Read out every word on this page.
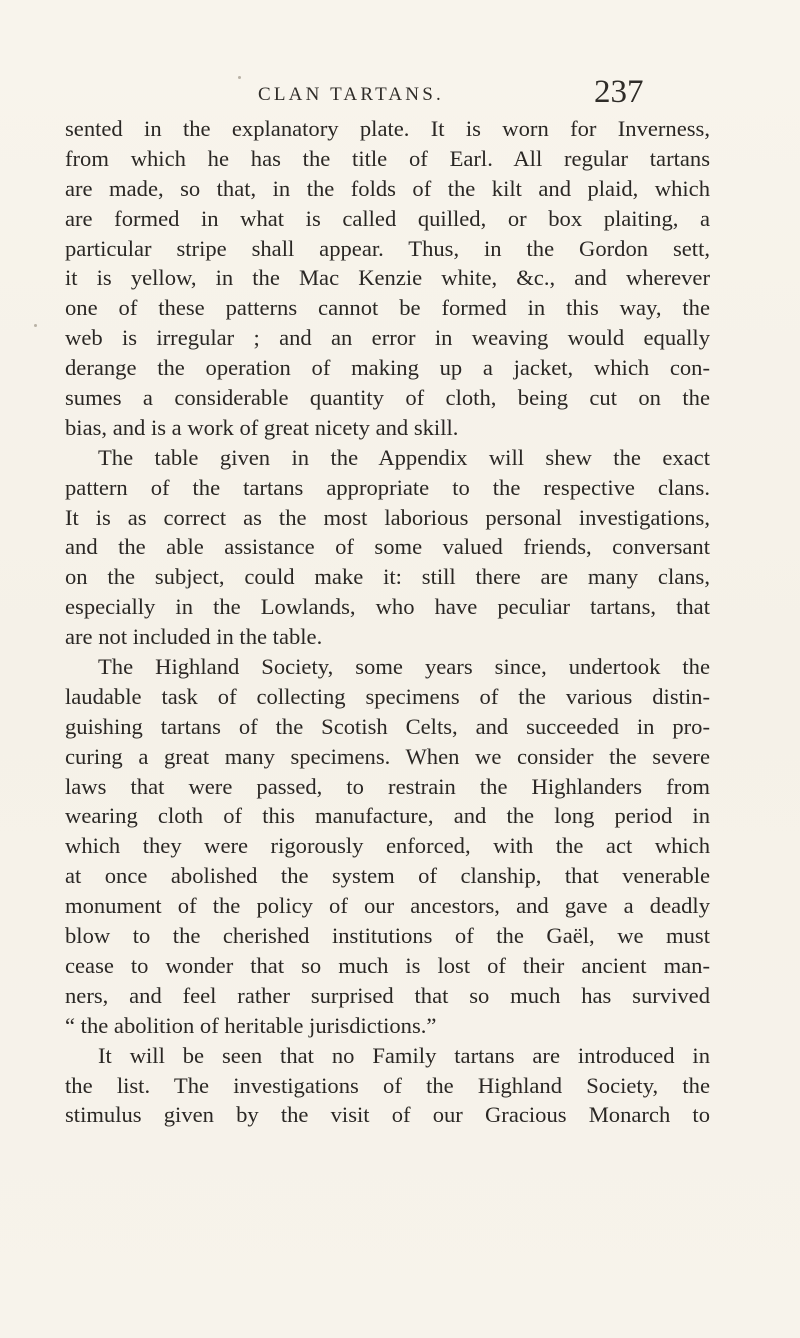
CLAN TARTANS.	237
sented in the explanatory plate. It is worn for Inverness,
from which he has the title of Earl. All regular tartans
are made, so that, in the folds of the kilt and plaid, which
are formed in what is called quilled, or box plaiting, a
particular stripe shall appear. Thus, in the Gordon sett,
it is yellow, in the Mac Kenzie white, &c., and wherever
one of these patterns cannot be formed in this way, the
web is irregular ; and an error in weaving would equally
derange the operation of making up a jacket, which con-
sumes a considerable quantity of cloth, being cut on the
bias, and is a work of great nicety and skill.
The table given in the Appendix will shew the exact
pattern of the tartans appropriate to the respective clans.
It is as correct as the most laborious personal investigations,
and the able assistance of some valued friends, conversant
on the subject, could make it: still there are many clans,
especially in the Lowlands, who have peculiar tartans, that
are not included in the table.
The Highland Society, some years since, undertook the
laudable task of collecting specimens of the various distin-
guishing tartans of the Scotish Celts, and succeeded in pro-
curing a great many specimens. When we consider the severe
laws that were passed, to restrain the Highlanders from
wearing cloth of this manufacture, and the long period in
which they were rigorously enforced, with the act which
at once abolished the system of clanship, that venerable
monument of the policy of our ancestors, and gave a deadly
blow to the cherished institutions of the Gaël, we must
cease to wonder that so much is lost of their ancient man-
ners, and feel rather surprised that so much has survived
“ the abolition of heritable jurisdictions.”
It will be seen that no Family tartans are introduced in
the list. The investigations of the Highland Society, the
stimulus given by the visit of our Gracious Monarch to
